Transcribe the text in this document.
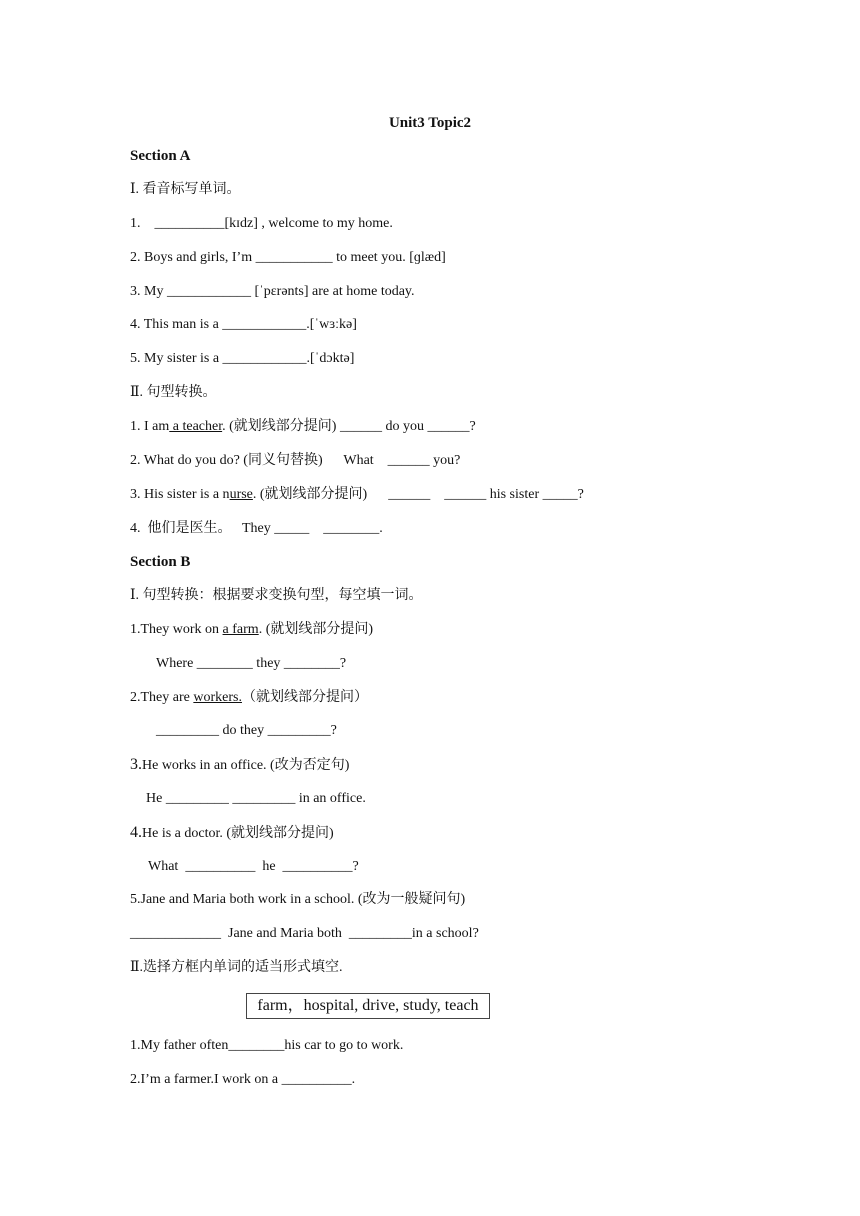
Unit3 Topic2
Section A
Ⅰ. 看音标写单词。
1.    __________[kɪdz] , welcome to my home.
2. Boys and girls, I’m ___________ to meet you. [ɡlæd]
3. My ____________ [ˈpɛrənts] are at home today.
4. This man is a ____________.[ˈwɜːkə]
5. My sister is a ____________.[ˈdɔktə]
Ⅱ. 句型转换。
1. I am a teacher. (就划线部分提问) ______ do you ______?
2. What do you do? (同义句替换)      What    ______ you?
3. His sister is a nurse. (就划线部分提问)      ______    ______ his sister _____?
4.  他们是医生。   They _____    ________.
Section B
Ⅰ. 句型转换：根据要求变换句型，每空填一词。
1.They work on a farm. (就划线部分提问)
Where ________ they ________?
2.They are workers.（就划线部分提问）
_________ do they _________?
3.He works in an office. (改为否定句)
He _________ _________ in an office.
4.He is a doctor. (就划线部分提问)
What  __________  he  __________?
5.Jane and Maria both work in a school. (改为一般疑问句)
_____________  Jane and Maria both  _________in a school?
Ⅱ.选择方框内单词的适当形式填空.
farm，hospital, drive, study, teach
1.My father often________his car to go to work.
2.I’m a farmer.I work on a __________.
